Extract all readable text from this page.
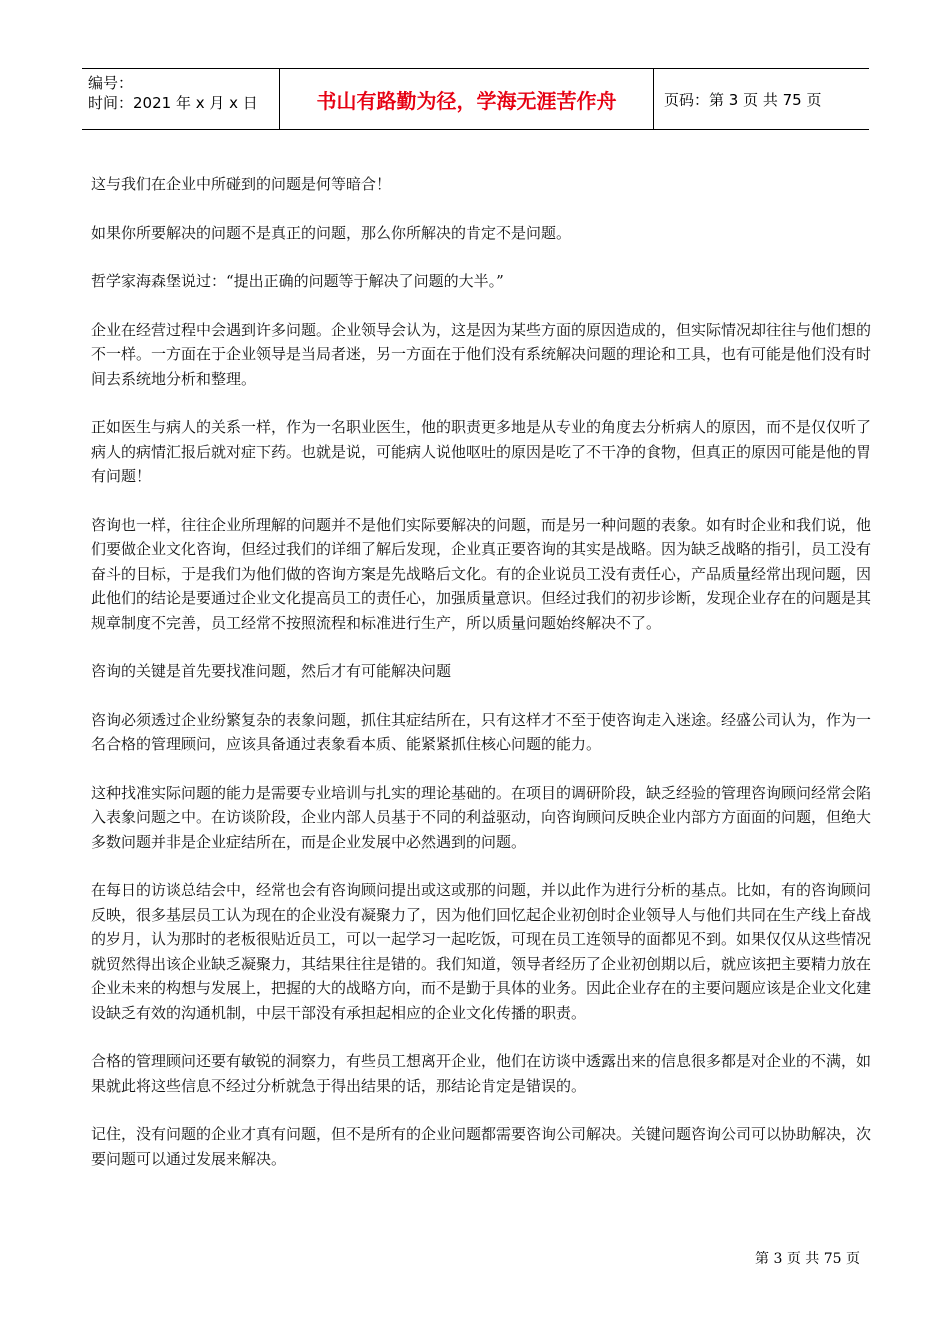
编号：
时间：2021 年 x 月 x 日	书山有路勤为径，学海无涯苦作舟	页码：第 3 页 共 75 页

这与我们在企业中所碰到的问题是何等暗合！

如果你所要解决的问题不是真正的问题，那么你所解决的肯定不是问题。

哲学家海森堡说过：“提出正确的问题等于解决了问题的大半。”

企业在经营过程中会遇到许多问题。企业领导会认为，这是因为某些方面的原因造成的，但实际情况却往往与他们想的不一样。一方面在于企业领导是当局者迷，另一方面在于他们没有系统解决问题的理论和工具，也有可能是他们没有时间去系统地分析和整理。

正如医生与病人的关系一样，作为一名职业医生，他的职责更多地是从专业的角度去分析病人的原因，而不是仅仅听了病人的病情汇报后就对症下药。也就是说，可能病人说他呕吐的原因是吃了不干净的食物，但真正的原因可能是他的胃有问题！

咨询也一样，往往企业所理解的问题并不是他们实际要解决的问题，而是另一种问题的表象。如有时企业和我们说，他们要做企业文化咨询，但经过我们的详细了解后发现，企业真正要咨询的其实是战略。因为缺乏战略的指引，员工没有奋斗的目标，于是我们为他们做的咨询方案是先战略后文化。有的企业说员工没有责任心，产品质量经常出现问题，因此他们的结论是要通过企业文化提高员工的责任心，加强质量意识。但经过我们的初步诊断，发现企业存在的问题是其规章制度不完善，员工经常不按照流程和标准进行生产，所以质量问题始终解决不了。

咨询的关键是首先要找准问题，然后才有可能解决问题

咨询必须透过企业纷繁复杂的表象问题，抓住其症结所在，只有这样才不至于使咨询走入迷途。经盛公司认为，作为一名合格的管理顾问，应该具备通过表象看本质、能紧紧抓住核心问题的能力。

这种找准实际问题的能力是需要专业培训与扎实的理论基础的。在项目的调研阶段，缺乏经验的管理咨询顾问经常会陷入表象问题之中。在访谈阶段，企业内部人员基于不同的利益驱动，向咨询顾问反映企业内部方方面面的问题，但绝大多数问题并非是企业症结所在，而是企业发展中必然遇到的问题。

在每日的访谈总结会中，经常也会有咨询顾问提出或这或那的问题，并以此作为进行分析的基点。比如，有的咨询顾问反映，很多基层员工认为现在的企业没有凝聚力了，因为他们回忆起企业初创时企业领导人与他们共同在生产线上奋战的岁月，认为那时的老板很贴近员工，可以一起学习一起吃饭，可现在员工连领导的面都见不到。如果仅仅从这些情况就贸然得出该企业缺乏凝聚力，其结果往往是错的。我们知道，领导者经历了企业初创期以后，就应该把主要精力放在企业未来的构想与发展上，把握的大的战略方向，而不是勤于具体的业务。因此企业存在的主要问题应该是企业文化建设缺乏有效的沟通机制，中层干部没有承担起相应的企业文化传播的职责。

合格的管理顾问还要有敏锐的洞察力，有些员工想离开企业，他们在访谈中透露出来的信息很多都是对企业的不满，如果就此将这些信息不经过分析就急于得出结果的话，那结论肯定是错误的。

记住，没有问题的企业才真有问题，但不是所有的企业问题都需要咨询公司解决。关键问题咨询公司可以协助解决，次要问题可以通过发展来解决。

第 3 页 共 75 页
